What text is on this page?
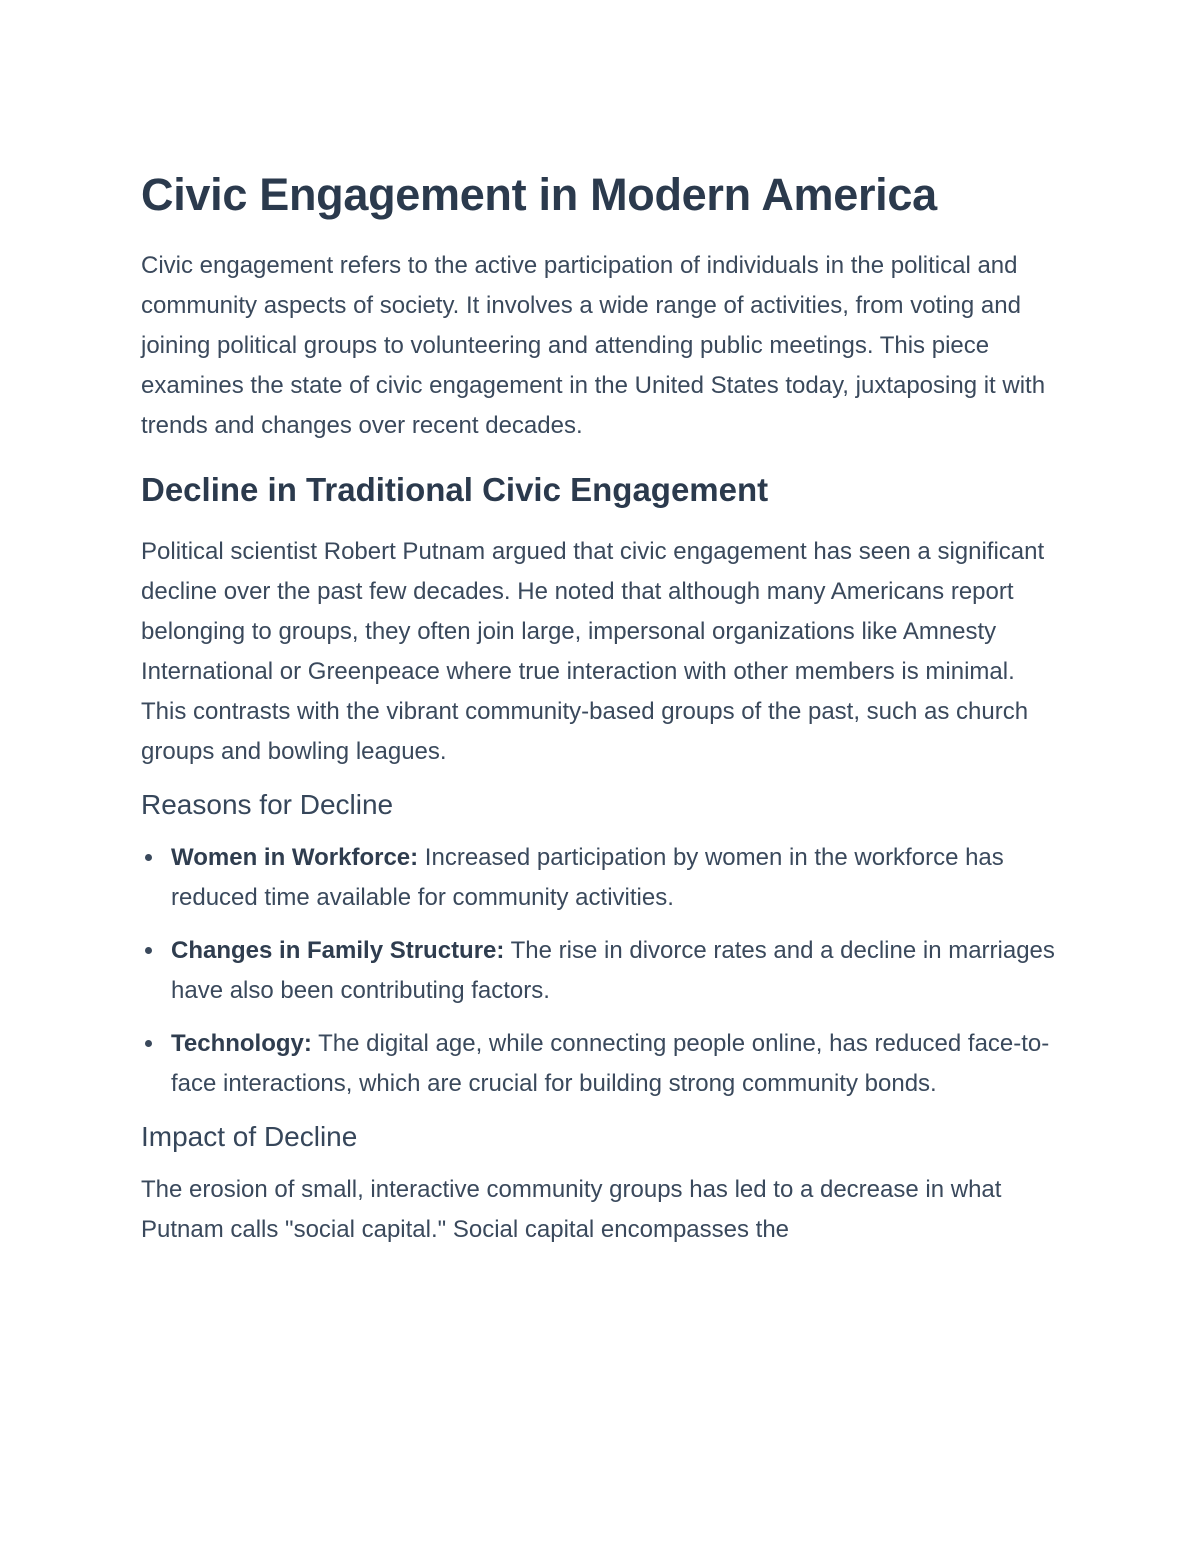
Civic Engagement in Modern America

Civic engagement refers to the active participation of individuals in the political and community aspects of society. It involves a wide range of activities, from voting and joining political groups to volunteering and attending public meetings. This piece examines the state of civic engagement in the United States today, juxtaposing it with trends and changes over recent decades.

Decline in Traditional Civic Engagement

Political scientist Robert Putnam argued that civic engagement has seen a significant decline over the past few decades. He noted that although many Americans report belonging to groups, they often join large, impersonal organizations like Amnesty International or Greenpeace where true interaction with other members is minimal. This contrasts with the vibrant community-based groups of the past, such as church groups and bowling leagues.

Reasons for Decline
Women in Workforce: Increased participation by women in the workforce has reduced time available for community activities.
Changes in Family Structure: The rise in divorce rates and a decline in marriages have also been contributing factors.
Technology: The digital age, while connecting people online, has reduced face-to-face interactions, which are crucial for building strong community bonds.
Impact of Decline

The erosion of small, interactive community groups has led to a decrease in what Putnam calls "social capital." Social capital encompasses the
